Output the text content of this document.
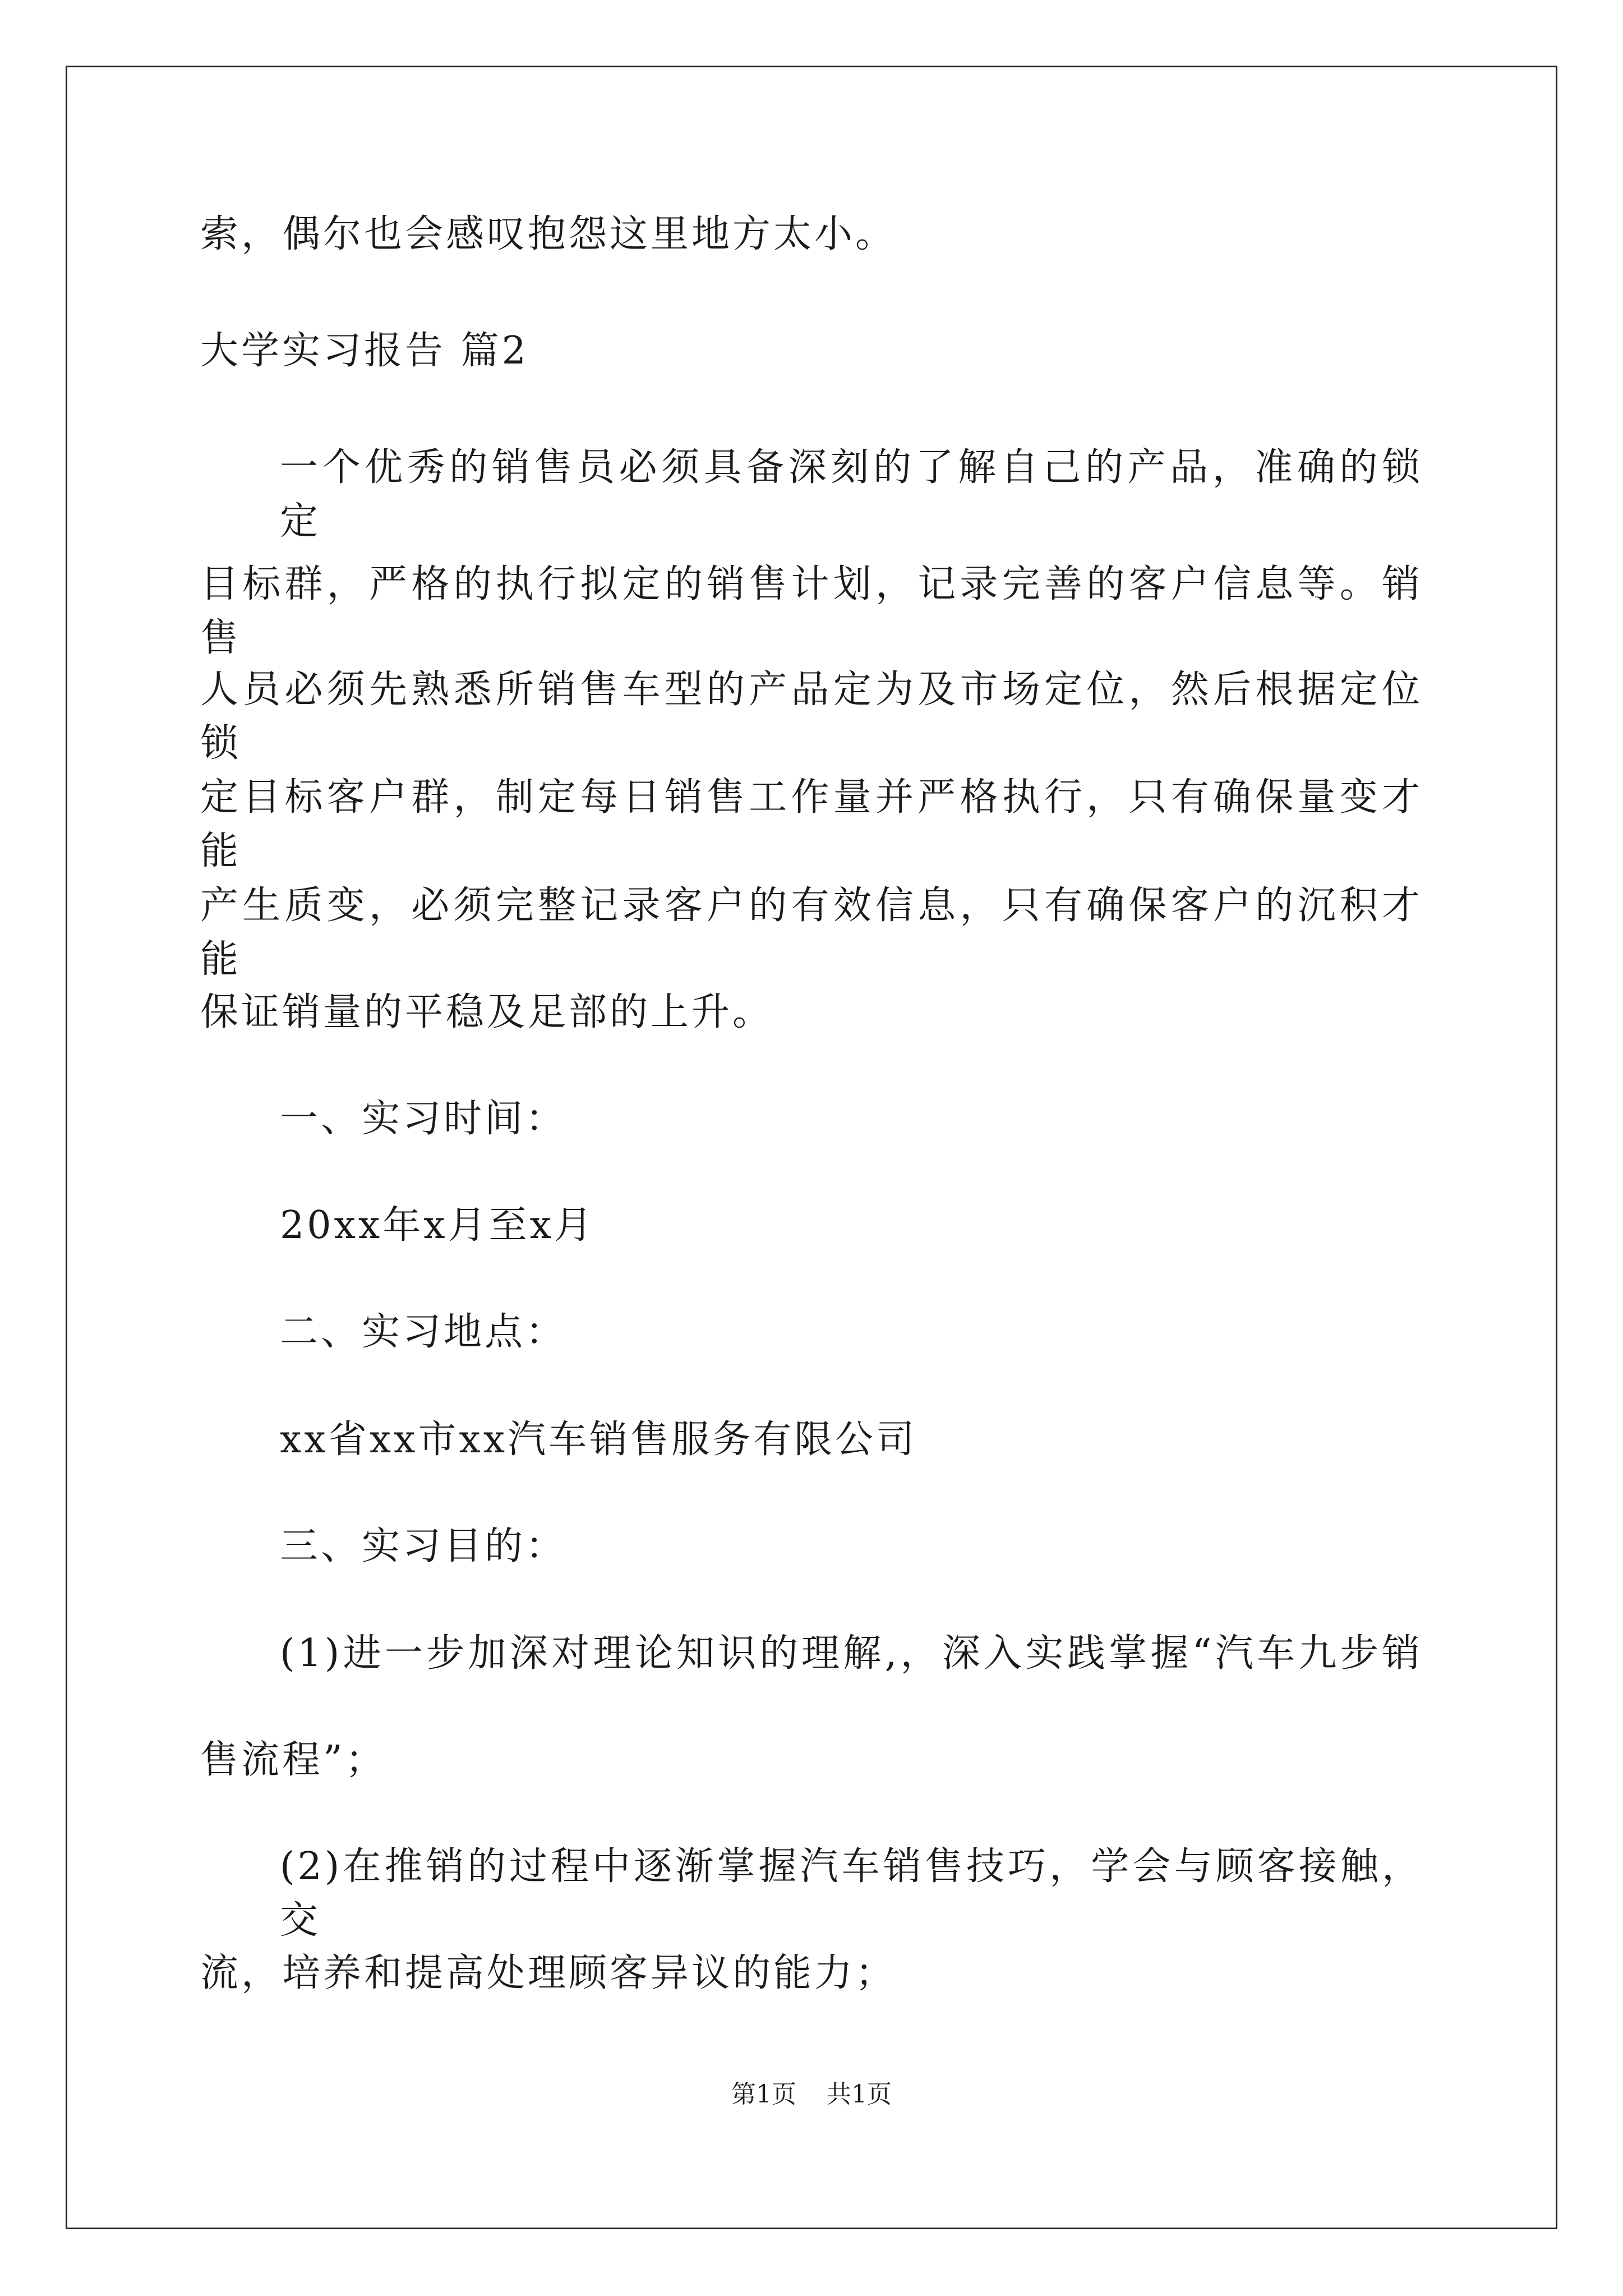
索，偶尔也会感叹抱怨这里地方太小。
大学实习报告 篇2
一个优秀的销售员必须具备深刻的了解自己的产品，准确的锁定
目标群，严格的执行拟定的销售计划，记录完善的客户信息等。销售
人员必须先熟悉所销售车型的产品定为及市场定位，然后根据定位锁
定目标客户群，制定每日销售工作量并严格执行，只有确保量变才能
产生质变，必须完整记录客户的有效信息，只有确保客户的沉积才能
保证销量的平稳及足部的上升。
一、实习时间：
20xx年x月至x月
二、实习地点：
xx省xx市xx汽车销售服务有限公司
三、实习目的：
(1)进一步加深对理论知识的理解,，深入实践掌握“汽车九步销
售流程”；
(2)在推销的过程中逐渐掌握汽车销售技巧，学会与顾客接触，交
流，培养和提高处理顾客异议的能力；
第1页 共1页
